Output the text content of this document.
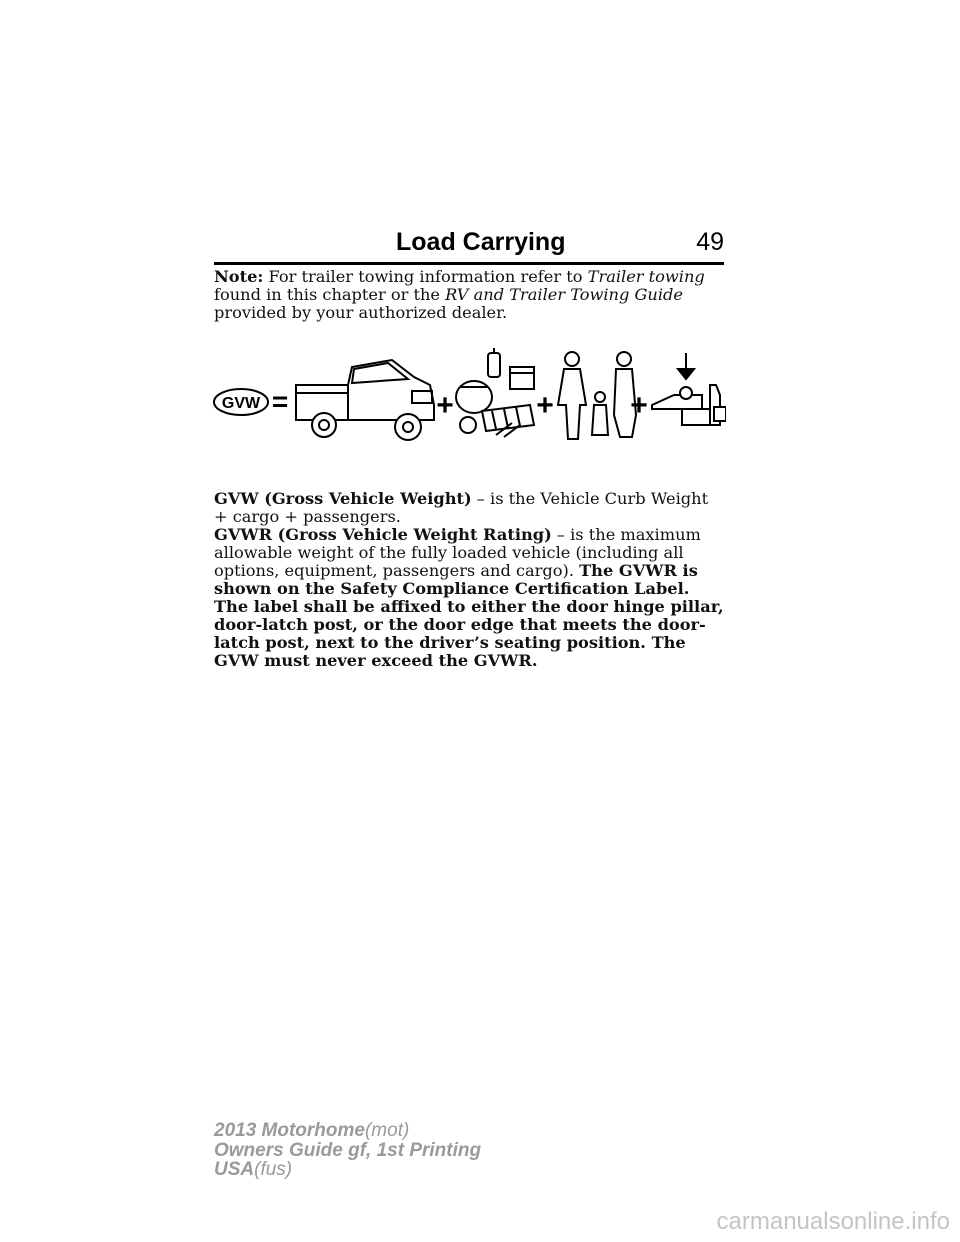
Load Carrying	49
Note: For trailer towing information refer to Trailer towing found in this chapter or the RV and Trailer Towing Guide provided by your authorized dealer.
GVW =	+	+	+
GVW (Gross Vehicle Weight) – is the Vehicle Curb Weight + cargo + passengers.
GVWR (Gross Vehicle Weight Rating) – is the maximum allowable weight of the fully loaded vehicle (including all options, equipment, passengers and cargo). The GVWR is shown on the Safety Compliance Certification Label. The label shall be affixed to either the door hinge pillar, door-latch post, or the door edge that meets the door-latch post, next to the driver’s seating position. The GVW must never exceed the GVWR.
2013 Motorhome(mot)
Owners Guide gf, 1st Printing
USA(fus)
carmanualsonline.info
